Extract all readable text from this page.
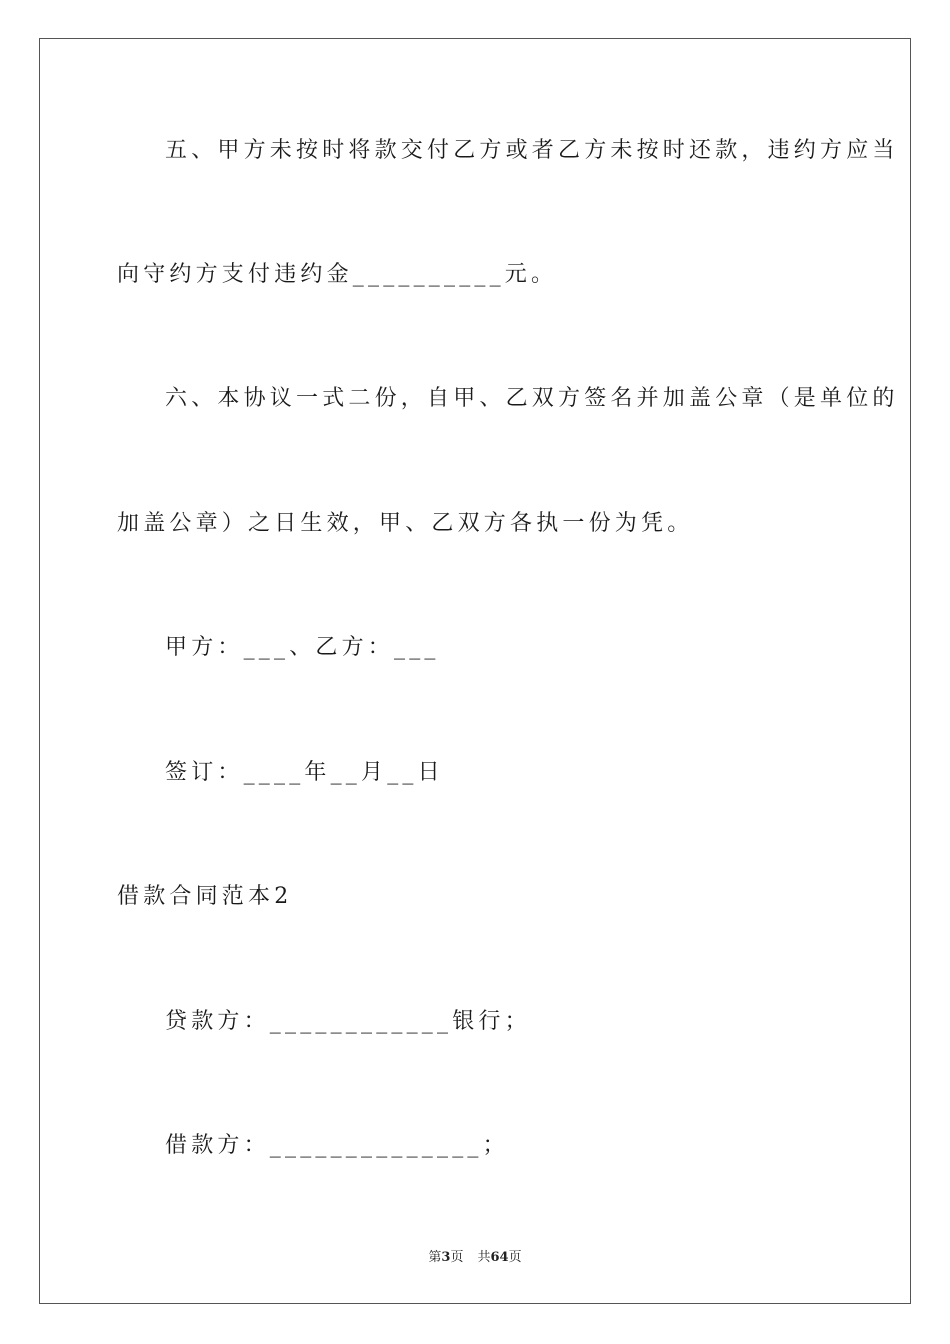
五、甲方未按时将款交付乙方或者乙方未按时还款，违约方应当
向守约方支付违约金__________元。
六、本协议一式二份，自甲、乙双方签名并加盖公章（是单位的
加盖公章）之日生效，甲、乙双方各执一份为凭。
甲方：___、乙方：___
签订：____年__月__日
借款合同范本2
贷款方：____________银行；
借款方：______________；
第3页 共64页
